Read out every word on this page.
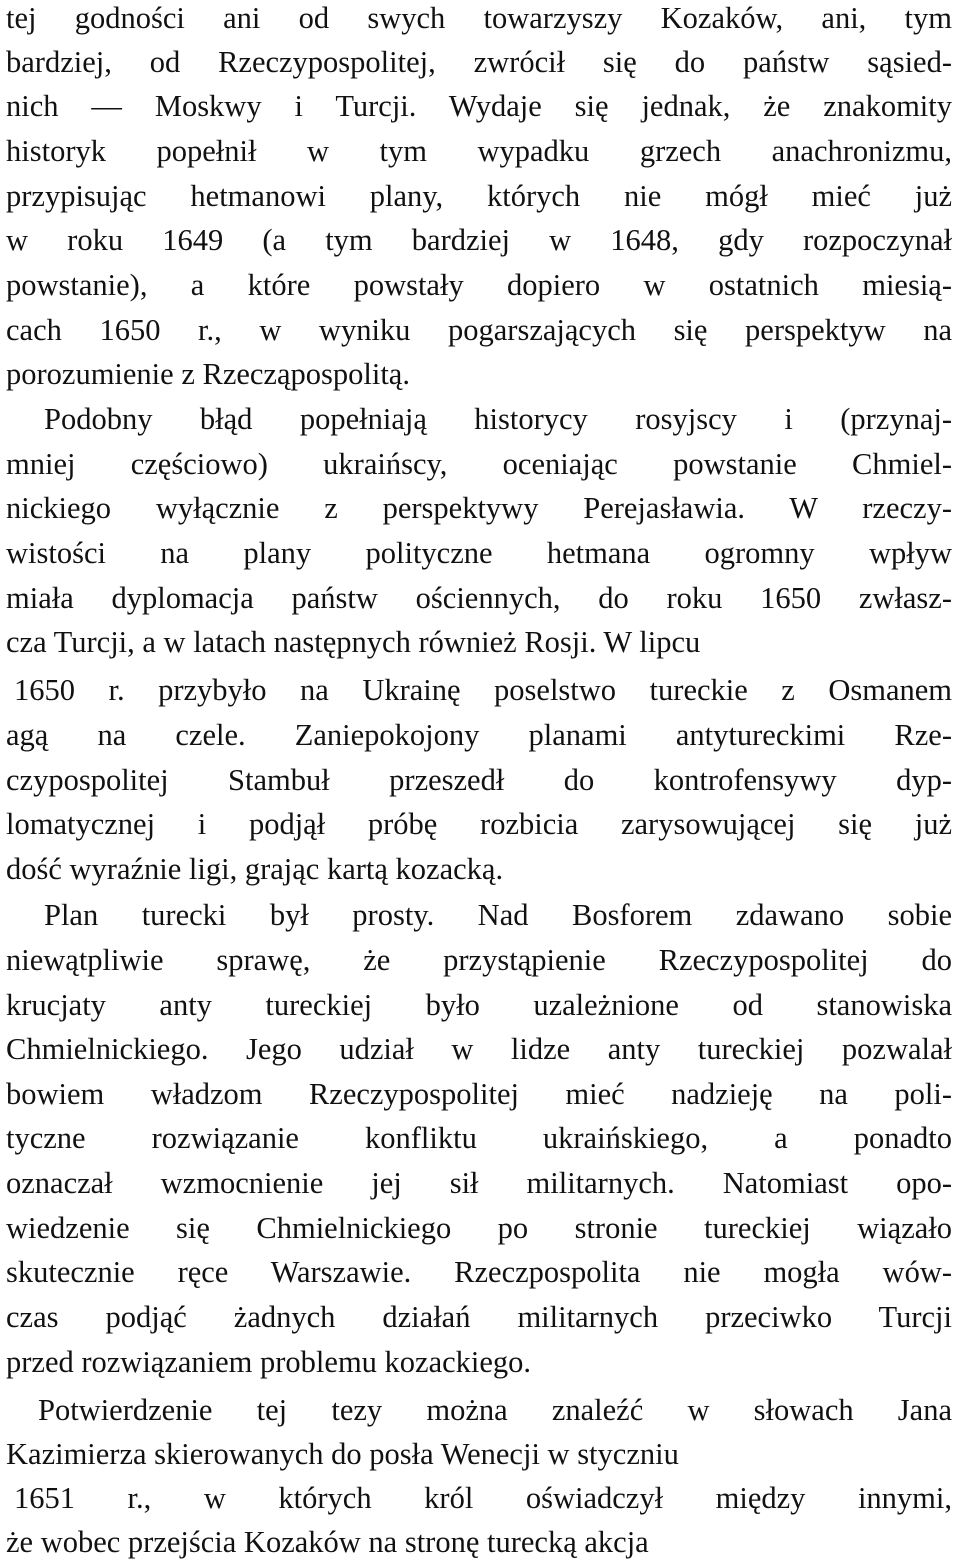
tej godności ani od swych towarzyszy Kozaków, ani, tym
bardziej, od Rzeczypospolitej, zwrócił się do państw sąsied-
nich — Moskwy i Turcji. Wydaje się jednak, że znakomity
historyk popełnił w tym wypadku grzech anachronizmu,
przypisując hetmanowi plany, których nie mógł mieć już
w roku 1649 (a tym bardziej w 1648, gdy rozpoczynał
powstanie), a które powstały dopiero w ostatnich miesią-
cach 1650 r., w wyniku pogarszających się perspektyw na
porozumienie z Rzecząpospolitą.
Podobny błąd popełniają historycy rosyjscy i (przynaj-
mniej częściowo) ukraińscy, oceniając powstanie Chmiel-
nickiego wyłącznie z perspektywy Perejasławia. W rzeczy-
wistości na plany polityczne hetmana ogromny wpływ
miała dyplomacja państw ościennych, do roku 1650 zwłasz-
cza Turcji, a w latach następnych również Rosji. W lipcu
1650 r. przybyło na Ukrainę poselstwo tureckie z Osmanem
agą na czele. Zaniepokojony planami antytureckimi Rze-
czypospolitej Stambuł przeszedł do kontrofensywy dyp-
lomatycznej i podjął próbę rozbicia zarysowującej się już
dość wyraźnie ligi, grając kartą kozacką.
Plan turecki był prosty. Nad Bosforem zdawano sobie
niewątpliwie sprawę, że przystąpienie Rzeczypospolitej do
krucjaty anty tureckiej było uzależnione od stanowiska
Chmielnickiego. Jego udział w lidze anty tureckiej pozwalał
bowiem władzom Rzeczypospolitej mieć nadzieję na poli-
tyczne rozwiązanie konfliktu ukraińskiego, a ponadto
oznaczał wzmocnienie jej sił militarnych. Natomiast opo-
wiedzenie się Chmielnickiego po stronie tureckiej wiązało
skutecznie ręce Warszawie. Rzeczpospolita nie mogła wów-
czas podjąć żadnych działań militarnych przeciwko Turcji
przed rozwiązaniem problemu kozackiego.
Potwierdzenie tej tezy można znaleźć w słowach Jana
Kazimierza skierowanych do posła Wenecji w styczniu
1651 r., w których król oświadczył między innymi,
że wobec przejścia Kozaków na stronę turecką akcja
